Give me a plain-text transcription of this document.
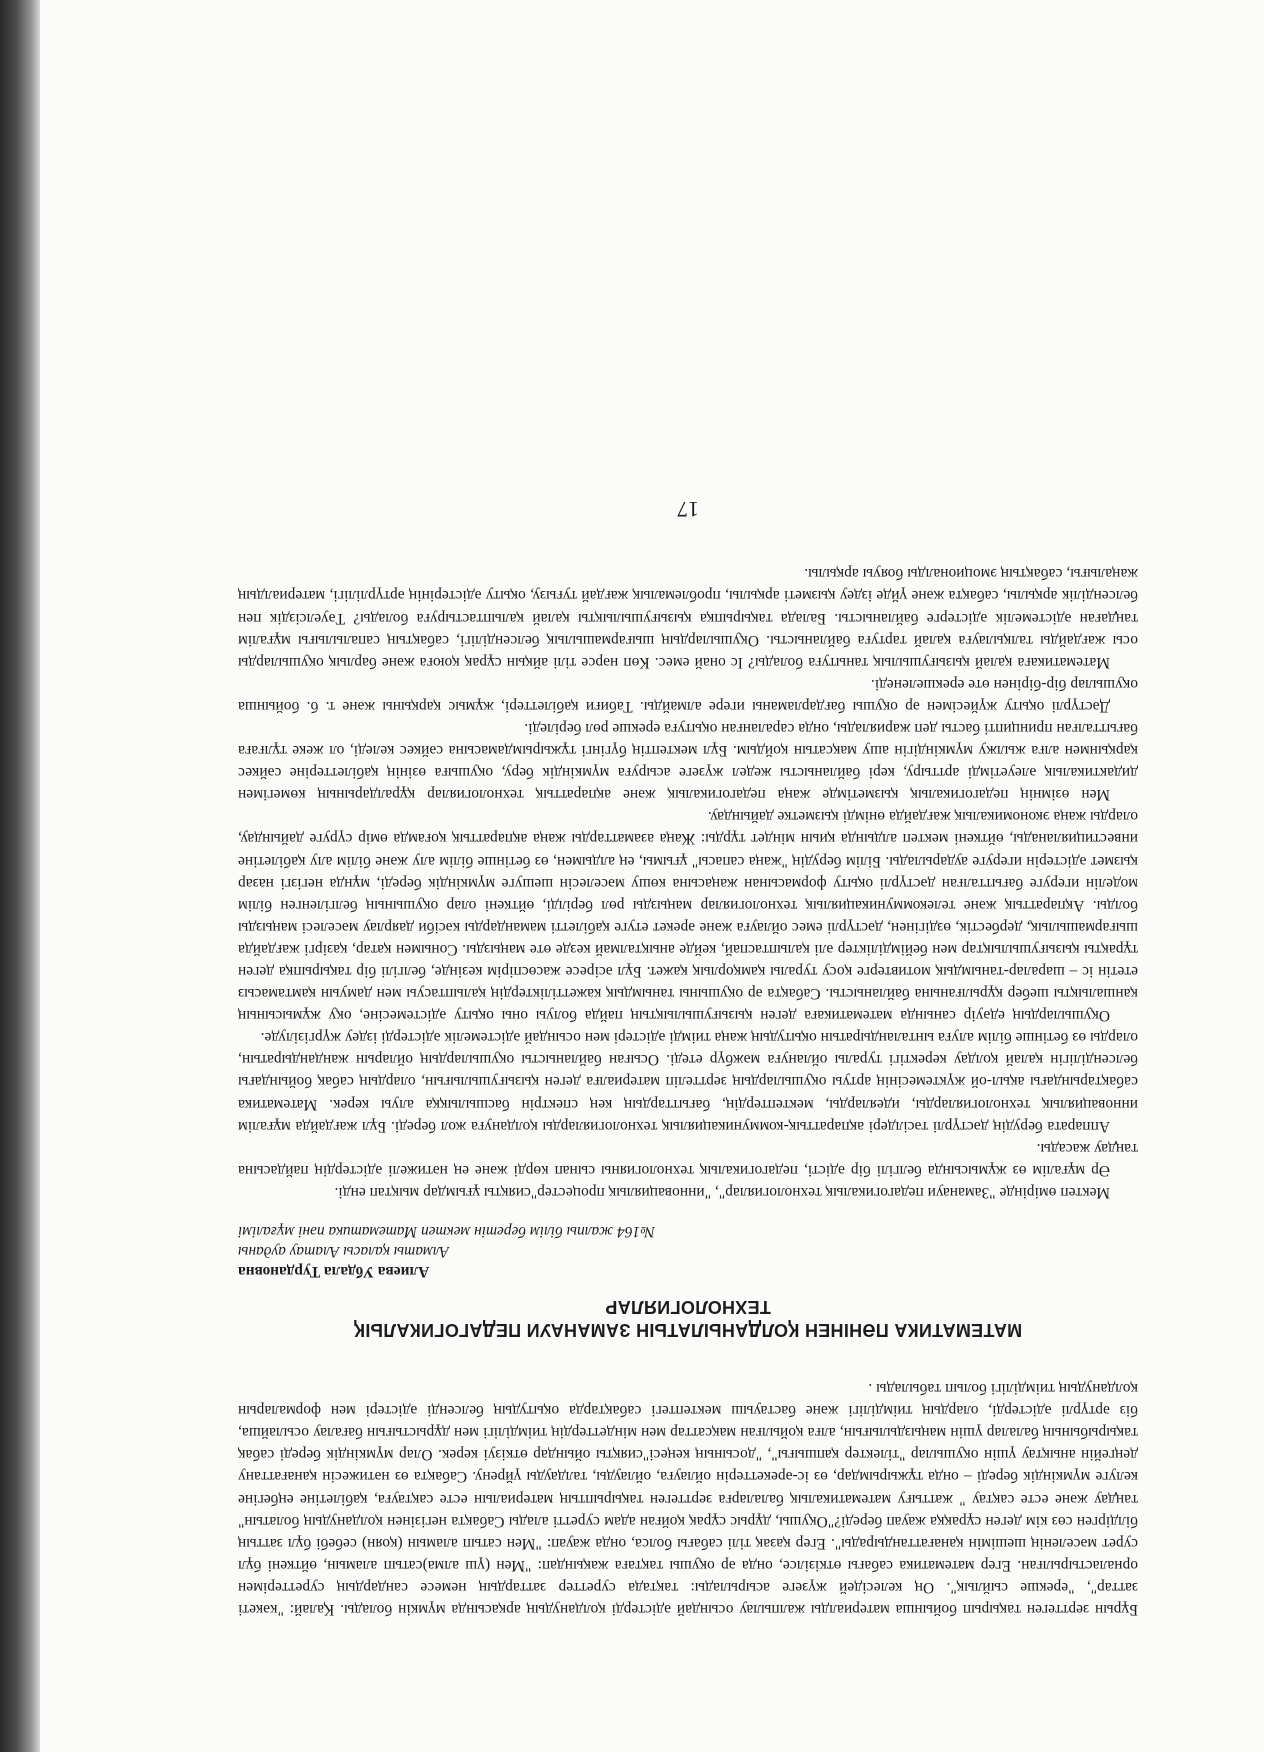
Бұрын зерттеген тақырып бойынша материалды жалпылау осындай әдістерді қолданудың арқасында мүмкін болады. Қалай: "кәкеті заттар", "ерекше сыйлық". Оң келесідей жүзеге асырылады: тақтада суреттер заттардың немесе сандардың суреттерімен орналастырылған. Егер математика сабағы өткізілсе, онда әр оқушы тақтаға жақындап: "Мен (үш алма)сатып аламын, өйткені бұл сурет мәселенің шешімін қанағаттандырады". Егер қазақ тілі сабағы болса, онда жауап: "Мен сатып аламын (қоян) себебі бұл заттың білдірген сөз кім деген сұраққа жауап береді?"Оқушы, дұрыс сұрақ қойған адам суретті алады Сабақта негізінен қолданудың болатын" таңдау және есте сақтау " жаттығу математикалық балаларға зерттеген тақырыптың материалын есте сақтауға, қабілетіне еңбегіне келуге мүмкіндік береді – онда тұжырымдар, өз іс-әрекеттерін ойлауға, ойлауды, талдауды үйрену. Сабақта өз нәтижесін қанағаттану деңгейін анықтау үшін оқушылар "тілектер қапшығы", "досының кеңесі"сияқты ойындар өткізуі керек. Олар мүмкіндік береді сабақ тақырыбының балалар үшін маңыздылығын, алға қойылған мақсаттар мен міндеттердің тиімділігі мен дұрыстығын бағалау осылайша, біз әртүрлі әдістерді, олардың тиімділігі және бастауыш мектептегі сабақтарда оқытудың белсенді әдістері мен формаларын қолданудың тиімділігі болып табылады .

МАТЕМАТИКА ПӘНІНЕН ҚОЛДАНЫЛАТЫН ЗАМАНАУИ ПЕДАГОГИКАЛЫҚ
ТЕХНОЛОГИЯЛАР

Алиева Убдала Турдановна

Алматы қаласы Алатау ауданы

№164 жалпы білім беретін мектеп Математика пәні мұғалімі

Мектеп өмірінде "Заманауи педагогикалық технологиялар", "инновациялық процестер"сияқты ұғымдар мықтап енді.

Әр мұғалім өз жұмысында белгілі бір әдісті, педагогикалық технологияны сынап көрді және ең нәтижелі әдістердің пайдасына таңдау жасады.

Аппарата берудің дәстүрлі тәсілдері ақпараттық-коммуникациялық технологияларды қолдануға жол береді. Бұл жағдайда мұғалім инновациялық технологияларды, идеяларды, мектептердің, бағыттардың кең спектрін басшылыққа алуы керек. Математика сабақтарындағы ақыл-ой жүктемесінің артуы оқушылардың зерттеліп материалға деген қызығушылығын, олардың сабақ бойындағы белсенділігін қалай қолдау керектігі туралы ойлануға мәжбүр етеді. Осыған байланысты оқушылардың ойларын жандандыратын, оларды өз бетінше білім алуға ынталандыратын оқытудың жаңа тиімді әдістері мен осындай әдістемелік әдістерді іздеу жүргізілуде.

Оқушылардың едәуір санында математикаға деген қызығушылықтың пайда болуы оны оқыту әдістемесіне, оқу жұмысының қаншалықты шебер құрылғанына байланысты. Сабақта әр оқушыны танымдық кажеттіліктердің қалыптасуы мен дамуын қамтамасыз ететін іс – шаралар-танымдық мотивтерге қосу туралы қамқорлық қажет. Бұл әсіресе жасөспірім кезінде, белгілі бір тақырыпқа деген тұрақты қызығушылықтар мен бейімділіктер әлі қалыптаспай, кейде анықталмай кезде өте маңызды. Сонымен қатар, қазіргі жағдайда шығармашылық, дербестік, өздігінен, дәстүрлі емес ойлауға және әрекет етуге қабілетті мамандарды кәсіби даярлау мәселесі маңызды болды. Ақпараттық және телекоммуникациялық технологиялар маңызды рөл берілді, өйткені олар оқушының белгіленген білім моделін игеруге бағытталған дәстүрлі оқыту формасынан жаңасына көшу мәселесін шешуге мүмкіндік береді, мұнда негізгі назар қызмет әдістерін игеруге аударылады. Білім берудің "жаңа сапасы" ұғымы, ең алдымен, өз бетінше білім алу және білім алу қабілетіне инвестицияланады, өйткені мектеп алдында қиын міндет тұрды: Жаңа азаматтарды жаңа ақпараттық қоғамда өмір сүруге дайындау, оларды жаңа экономикалық жағдайда өнімді қызметке дайындау.

Мен өзімнің педагогикалық қызметімде жаңа педагогикалық және ақпараттық технологиялар құралдарының көмегімен дидактикалық әлеуетімді арттыру, кері байланысты жедел жүзеге асыруға мүмкіндік беру, оқушыға өзінің қабілеттеріне сәйкес қарқынмен алға жылжу мүмкіндігін ашу мақсатын қойдым. Бұл мектептің бүгінгі тұжырымдамасына сәйкес келеді, ол жеке тұлғаға бағытталған принципті басты деп жариялады, онда сараланған оқытуға ерекше рөл беріледі.

Дәстүрлі оқыту жүйесімен әр оқушы бағдарламаны игере алмайды. Табиғи қабілеттері, жұмыс қарқыны және т. б. бойынша оқушылар бір-бірінен өте ерекшеленеді.

Математикаға қалай қызығушылық танытуға болады? Іс онай емес. Көп нәрсе тілі айқын сұрақ қоюға және барлық оқушыларды осы жағдайды талқылауға қалай тартуға байланысты. Оқушылардың шығармашылық белсенділігі, сабақтың сапалылығы мұғалім таңдаған әдістемелік әдістерге байланысты. Балада тақырыпқа қызығушылықты қалай қалыптастыруға болады? Тәуелсіздік пен белсенділік арқылы, сабақта және үйде іздеу қызметі арқылы, проблемалық жағдай туғызу, оқыту әдістерінің әртүрлілігі, материалдың жаңалығы, сабақтың эмоционалды бояуы арқылы.

17
